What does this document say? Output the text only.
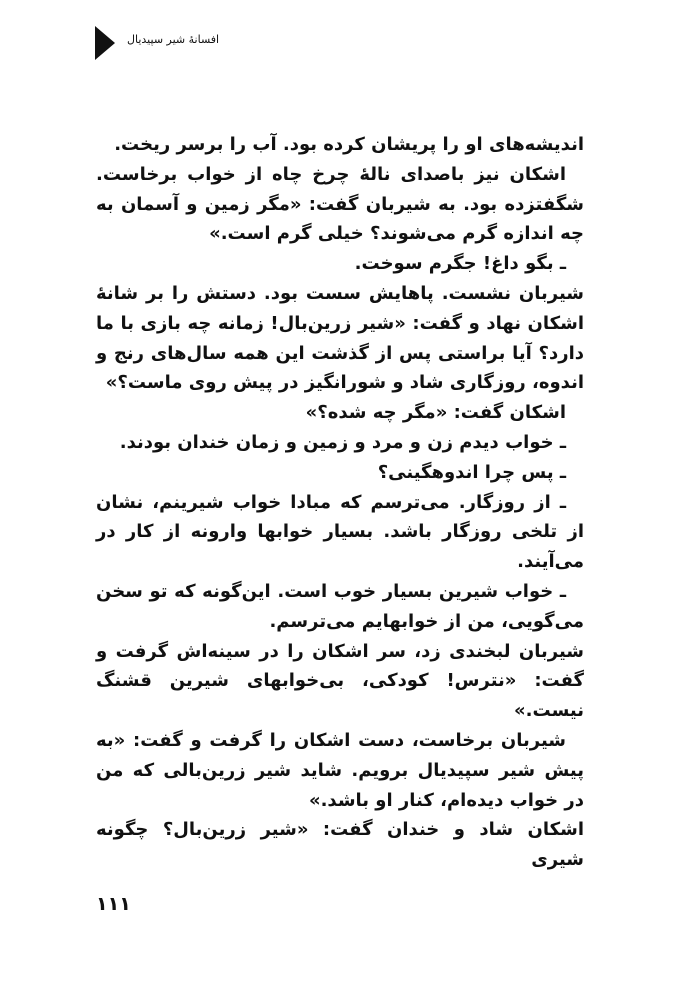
افسانهٔ شیر سپیدیال

اندیشه‌های او را پریشان کرده بود. آب را برسر ریخت.

اشکان نیز باصدای نالهٔ چرخ چاه از خواب برخاست. شگفتزده بود. به شیربان گفت: «مگر زمین و آسمان به چه اندازه گرم می‌شوند؟ خیلی گرم است.»

ـ بگو داغ! جگرم سوخت.

شیربان نشست. پاهایش سست بود. دستش را بر شانهٔ اشکان نهاد و گفت: «شیر زرین‌بال! زمانه چه بازی با ما دارد؟ آیا براستی پس از گذشت این همه سال‌های رنج و اندوه، روزگاری شاد و شورانگیز در پیش روی ماست؟»

اشکان گفت: «مگر چه شده؟»

ـ خواب دیدم زن و مرد و زمین و زمان خندان بودند.

ـ پس چرا اندوهگینی؟

ـ از روزگار. می‌ترسم که مبادا خواب شیرینم، نشان از تلخی روزگار باشد. بسیار خوابها وارونه از کار در می‌آیند.

ـ خواب شیرین بسیار خوب است. این‌گونه که تو سخن می‌گویی، من از خوابهایم می‌ترسم.

شیربان لبخندی زد، سر اشکان را در سینه‌اش گرفت و گفت: «نترس! کودکی، بی‌خوابهای شیرین قشنگ نیست.»

شیربان برخاست، دست اشکان را گرفت و گفت: «به پیش شیر سپیدیال برویم. شاید شیر زرین‌بالی که من در خواب دیده‌ام، کنار او باشد.»

اشکان شاد و خندان گفت: «شیر زرین‌بال؟ چگونه شیری

۱۱۱
